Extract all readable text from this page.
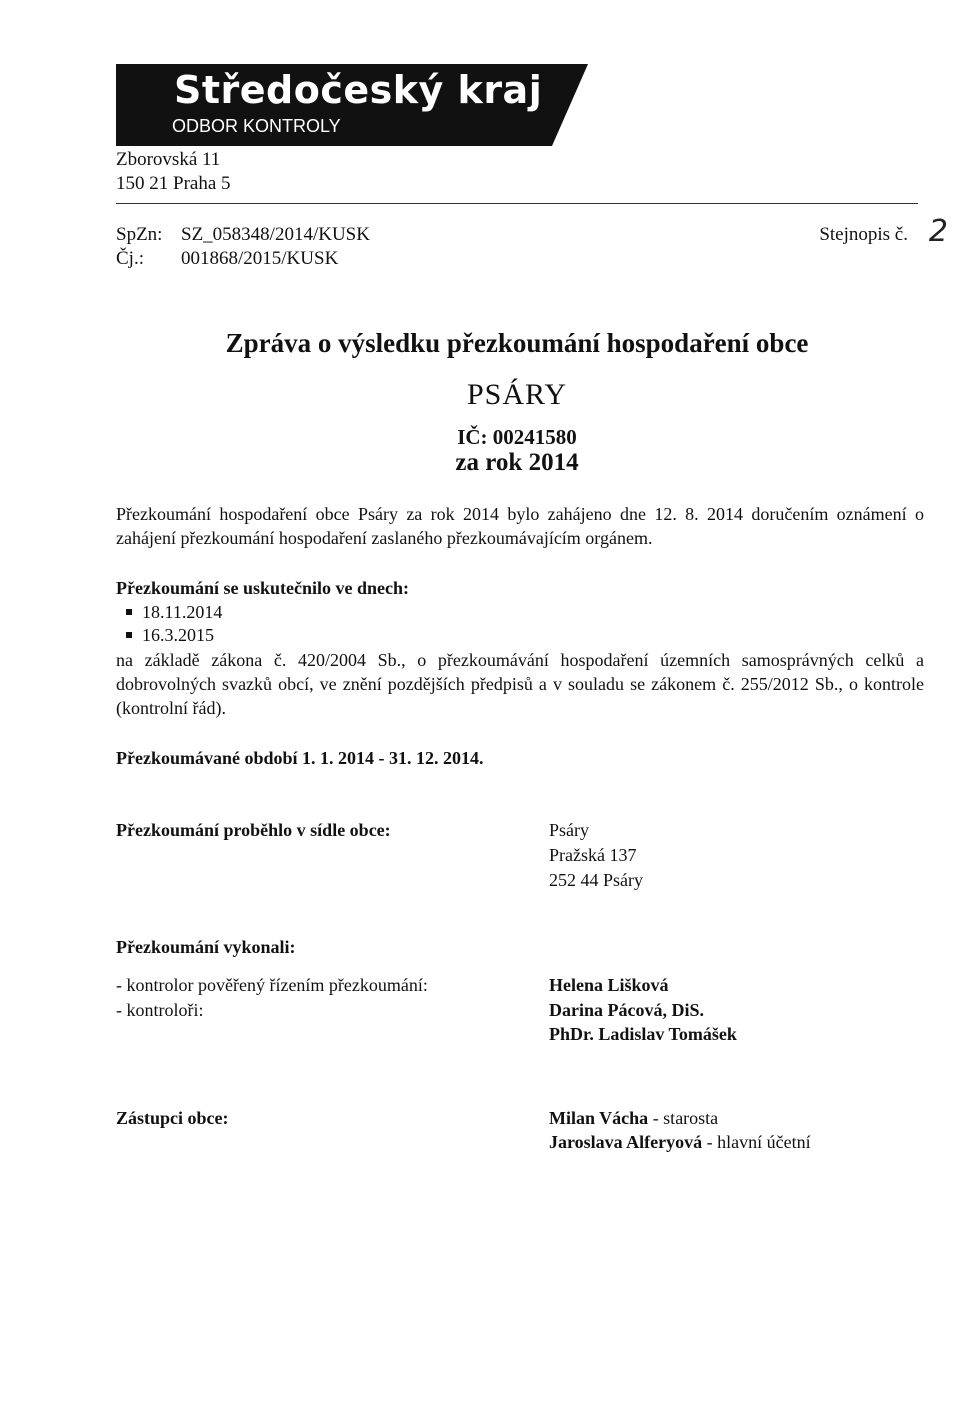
Středočeský kraj
ODBOR KONTROLY
Zborovská 11
150 21 Praha 5
SpZn: SZ_058348/2014/KUSK
Čj.: 001868/2015/KUSK
Stejnopis č. 2
Zpráva o výsledku přezkoumání hospodaření obce
PSÁRY
IČ: 00241580
za rok 2014
Přezkoumání hospodaření obce Psáry za rok 2014 bylo zahájeno dne 12. 8. 2014 doručením oznámení o zahájení přezkoumání hospodaření zaslaného přezkoumávajícím orgánem.
Přezkoumání se uskutečnilo ve dnech:
18.11.2014
16.3.2015
na základě zákona č. 420/2004 Sb., o přezkoumávání hospodaření územních samosprávných celků a dobrovolných svazků obcí, ve znění pozdějších předpisů a v souladu se zákonem č. 255/2012 Sb., o kontrole (kontrolní řád).
Přezkoumávané období 1. 1. 2014 - 31. 12. 2014.
Přezkoumání proběhlo v sídle obce:	Psáry
Pražská 137
252 44 Psáry
Přezkoumání vykonali:
- kontrolor pověřený řízením přezkoumání:	Helena Lišková
- kontroloři:	Darina Pácová, DiS.
PhDr. Ladislav Tomášek
Zástupci obce:	Milan Vácha - starosta
Jaroslava Alferyová - hlavní účetní
